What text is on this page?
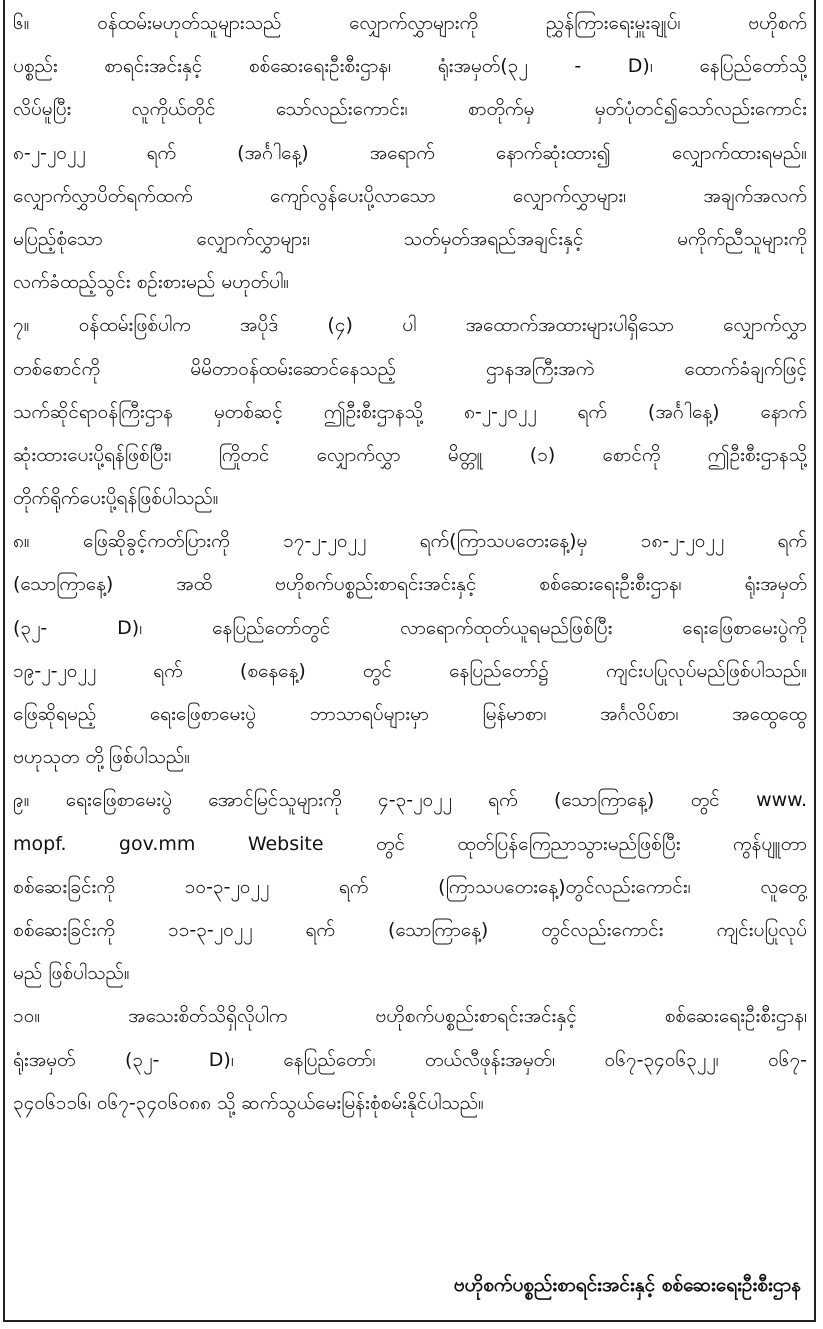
၆။ ဝန်ထမ်းမဟုတ်သူများသည် လျှောက်လွှာများကို ညွှန်ကြားရေးမှူးချုပ်၊ ဗဟိုစက်
ပစ္စည်း စာရင်းအင်းနှင့် စစ်ဆေးရေးဦးစီးဌာန၊ ရုံးအမှတ်(၃၂ - D)၊ နေပြည်တော်သို့
လိပ်မူပြီး လူကိုယ်တိုင် သော်လည်းကောင်း၊ စာတိုက်မှ မှတ်ပုံတင်၍သော်လည်းကောင်း
၈-၂-၂၀၂၂ ရက် (အင်္ဂါနေ့) အရောက် နောက်ဆုံးထား၍ လျှောက်ထားရမည်။
လျှောက်လွှာပိတ်ရက်ထက် ကျော်လွန်ပေးပို့လာသော လျှောက်လွှာများ၊ အချက်အလက်
မပြည့်စုံသော လျှောက်လွှာများ၊ သတ်မှတ်အရည်အချင်းနှင့် မကိုက်ညီသူများကို
လက်ခံထည့်သွင်း စဉ်းစားမည် မဟုတ်ပါ။
၇။ ဝန်ထမ်းဖြစ်ပါက အပိုဒ် (၄) ပါ အထောက်အထားများပါရှိသော လျှောက်လွှာ
တစ်စောင်ကို မိမိတာဝန်ထမ်းဆောင်နေသည့် ဌာနအကြီးအကဲ ထောက်ခံချက်ဖြင့်
သက်ဆိုင်ရာဝန်ကြီးဌာန မှတစ်ဆင့် ဤဦးစီးဌာနသို့ ၈-၂-၂၀၂၂ ရက် (အင်္ဂါနေ့) နောက်
ဆုံးထားပေးပို့ရန်ဖြစ်ပြီး၊ ကြိုတင် လျှောက်လွှာ မိတ္တူ (၁) စောင်ကို ဤဦးစီးဌာနသို့
တိုက်ရိုက်ပေးပို့ရန်ဖြစ်ပါသည်။
၈။ ဖြေဆိုခွင့်ကတ်ပြားကို ၁၇-၂-၂၀၂၂ ရက်(ကြာသပတေးနေ့)မှ ၁၈-၂-၂၀၂၂ ရက်
(သောကြာနေ့) အထိ ဗဟိုစက်ပစ္စည်းစာရင်းအင်းနှင့် စစ်ဆေးရေးဦးစီးဌာန၊ ရုံးအမှတ်
(၃၂- D)၊ နေပြည်တော်တွင် လာရောက်ထုတ်ယူရမည်ဖြစ်ပြီး ရေးဖြေစာမေးပွဲကို
၁၉-၂-၂၀၂၂ ရက် (စနေနေ့) တွင် နေပြည်တော်၌ ကျင်းပပြုလုပ်မည်ဖြစ်ပါသည်။
ဖြေဆိုရမည့် ရေးဖြေစာမေးပွဲ ဘာသာရပ်များမှာ မြန်မာစာ၊ အင်္ဂလိပ်စာ၊ အထွေထွေ
ဗဟုသုတ တို့ဖြစ်ပါသည်။
၉။ ရေးဖြေစာမေးပွဲ အောင်မြင်သူများကို ၄-၃-၂၀၂၂ ရက် (သောကြာနေ့) တွင် www.
mopf. gov.mm Website တွင် ထုတ်ပြန်ကြေညာသွားမည်ဖြစ်ပြီး ကွန်ပျူတာ
စစ်ဆေးခြင်းကို ၁၀-၃-၂၀၂၂ ရက် (ကြာသပတေးနေ့)တွင်လည်းကောင်း၊ လူတွေ့
စစ်ဆေးခြင်းကို ၁၁-၃-၂၀၂၂ ရက် (သောကြာနေ့) တွင်လည်းကောင်း ကျင်းပပြုလုပ်
မည် ဖြစ်ပါသည်။
၁၀။ အသေးစိတ်သိရှိလိုပါက ဗဟိုစက်ပစ္စည်းစာရင်းအင်းနှင့် စစ်ဆေးရေးဦးစီးဌာန၊
ရုံးအမှတ် (၃၂- D)၊ နေပြည်တော်၊ တယ်လီဖုန်းအမှတ်၊ ၀၆၇-၃၄၀၆၃၂၂၊ ၀၆၇-
၃၄၀၆၁၁၆၊ ၀၆၇-၃၄၀၆၀၈၈ သို့ ဆက်သွယ်မေးမြန်းစုံစမ်းနိုင်ပါသည်။
ဗဟိုစက်ပစ္စည်းစာရင်းအင်းနှင့် စစ်ဆေးရေးဦးစီးဌာန
